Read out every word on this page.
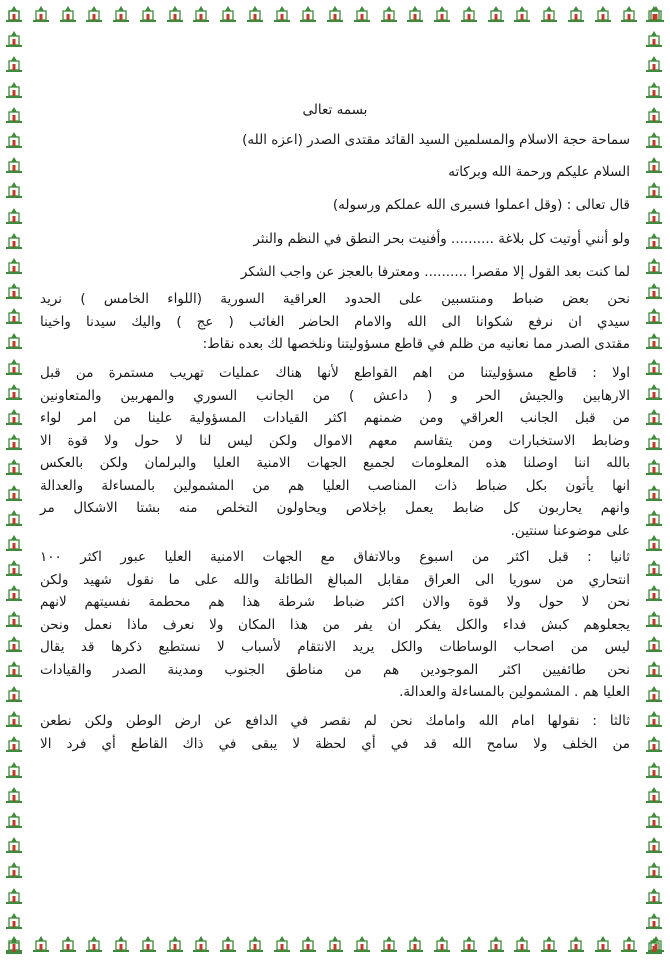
بسمه تعالى
سماحة حجة الاسلام والمسلمين السيد القائد مقتدى الصدر (اعزه الله)
السلام عليكم ورحمة الله وبركاته
قال تعالى : (وقل اعملوا فسيرى الله عملكم ورسوله)
ولو أنني أوتيت كل بلاغة .......... وأفنيت بحر النطق في النظم والنثر
لما كنت بعد القول إلا مقصرا .......... ومعترفا بالعجز عن واجب الشكر
نحن بعض ضباط ومنتسبين على الحدود العراقية السورية (اللواء الخامس ) نريد
سيدي ان نرفع شكوانا الى الله والامام الحاضر الغائب ( عج ) واليك سيدنا واخينا
مقتدى الصدر مما نعانيه من ظلم في قاطع مسؤوليتنا ونلخصها لك بعده نقاط:
اولا : قاطع مسؤوليتنا من اهم القواطع لأنها هناك عمليات تهريب مستمرة من قبل
الارهابين والجيش الحر و ( داعش ) من الجانب السوري والمهربين والمتعاونين
من قبل الجانب العراقي ومن ضمنهم اكثر القيادات المسؤولية علينا من امر لواء
وضابط الاستخبارات ومن يتقاسم معهم الاموال ولكن ليس لنا لا حول ولا قوة الا
بالله اننا اوصلنا هذه المعلومات لجميع الجهات الامنية العليا والبرلمان ولكن بالعكس
انها يأتون بكل ضباط ذات المناصب العليا هم من المشمولين بالمساءلة والعدالة
وانهم يحاربون كل ضابط يعمل بإخلاص ويحاولون التخلص منه بشتا الاشكال مر
على موضوعنا سنتين.
ثانيا : قبل اكثر من اسبوع وبالاتفاق مع الجهات الامنية العليا عبور اكثر ١٠٠
انتحاري من سوريا الى العراق مقابل المبالغ الطائلة والله على ما نقول شهيد ولكن
نحن لا حول ولا قوة والان اكثر ضباط شرطة هذا هم محطمة نفسيتهم لانهم
يجعلوهم كبش فداء والكل يفكر ان يفر من هذا المكان ولا نعرف ماذا نعمل ونحن
ليس من اصحاب الوساطات والكل يريد الانتقام لأسباب لا نستطيع ذكرها قد يقال
نحن طائفيين اكثر الموجودين هم من مناطق الجنوب ومدينة الصدر والقيادات
العليا هم . المشمولين بالمساءلة والعدالة.
ثالثا : نقولها امام الله وامامك نحن لم نقصر في الدافع عن ارض الوطن ولكن نطعن
من الخلف ولا سامح الله قد في أي لحظة لا يبقى في ذاك القاطع أي فرد الا
